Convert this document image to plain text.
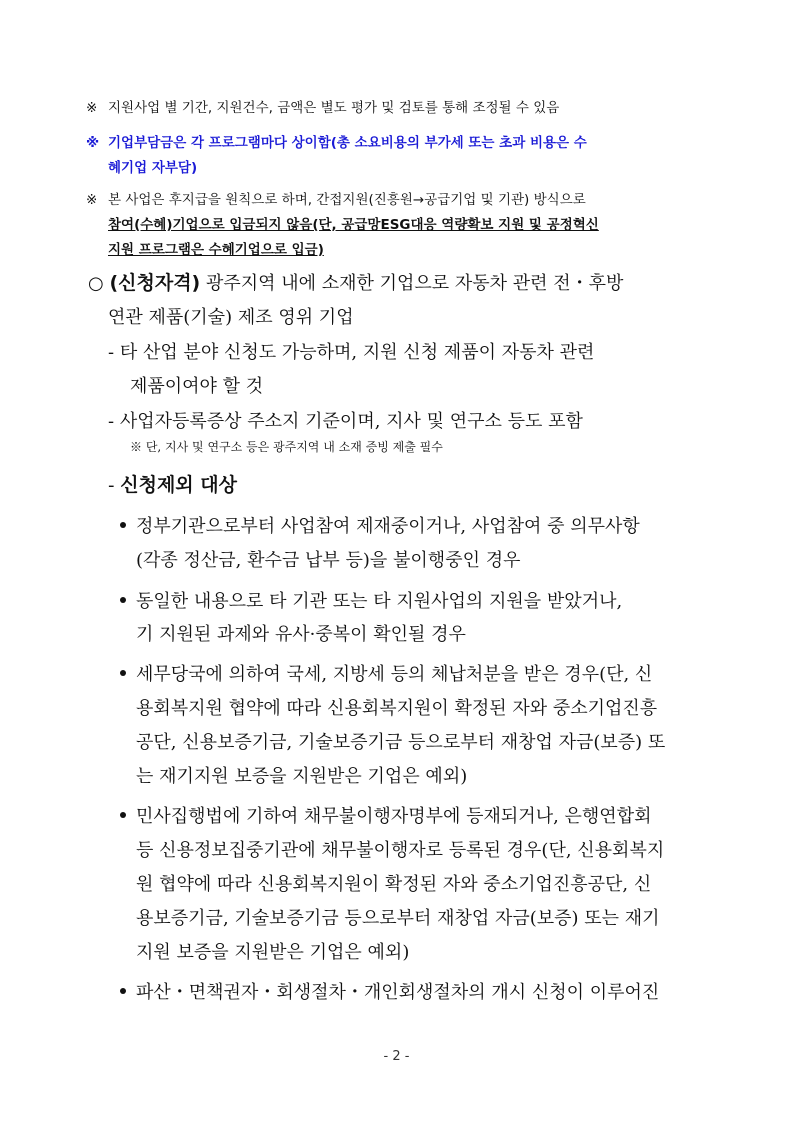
※ 지원사업 별 기간, 지원건수, 금액은 별도 평가 및 검토를 통해 조정될 수 있음
※ 기업부담금은 각 프로그램마다 상이함(총 소요비용의 부가세 또는 초과 비용은 수
혜기업 자부담)
※ 본 사업은 후지급을 원칙으로 하며, 간접지원(진흥원→공급기업 및 기관) 방식으로
참여(수혜)기업으로 입금되지 않음(단, 공급망ESG대응 역량확보 지원 및 공정혁신
지원 프로그램은 수혜기업으로 입금)
○ (신청자격) 광주지역 내에 소재한 기업으로 자동차 관련 전・후방
연관 제품(기술) 제조 영위 기업
- 타 산업 분야 신청도 가능하며, 지원 신청 제품이 자동차 관련
제품이여야 할 것
- 사업자등록증상 주소지 기준이며, 지사 및 연구소 등도 포함
※ 단, 지사 및 연구소 등은 광주지역 내 소재 증빙 제출 필수
- 신청제외 대상
정부기관으로부터 사업참여 제재중이거나, 사업참여 중 의무사항
(각종 정산금, 환수금 납부 등)을 불이행중인 경우
동일한 내용으로 타 기관 또는 타 지원사업의 지원을 받았거나,
기 지원된 과제와 유사·중복이 확인될 경우
세무당국에 의하여 국세, 지방세 등의 체납처분을 받은 경우(단, 신
용회복지원 협약에 따라 신용회복지원이 확정된 자와 중소기업진흥
공단, 신용보증기금, 기술보증기금 등으로부터 재창업 자금(보증) 또
는 재기지원 보증을 지원받은 기업은 예외)
민사집행법에 기하여 채무불이행자명부에 등재되거나, 은행연합회
등 신용정보집중기관에 채무불이행자로 등록된 경우(단, 신용회복지
원 협약에 따라 신용회복지원이 확정된 자와 중소기업진흥공단, 신
용보증기금, 기술보증기금 등으로부터 재창업 자금(보증) 또는 재기
지원 보증을 지원받은 기업은 예외)
파산・면책권자・회생절차・개인회생절차의 개시 신청이 이루어진
- 2 -
